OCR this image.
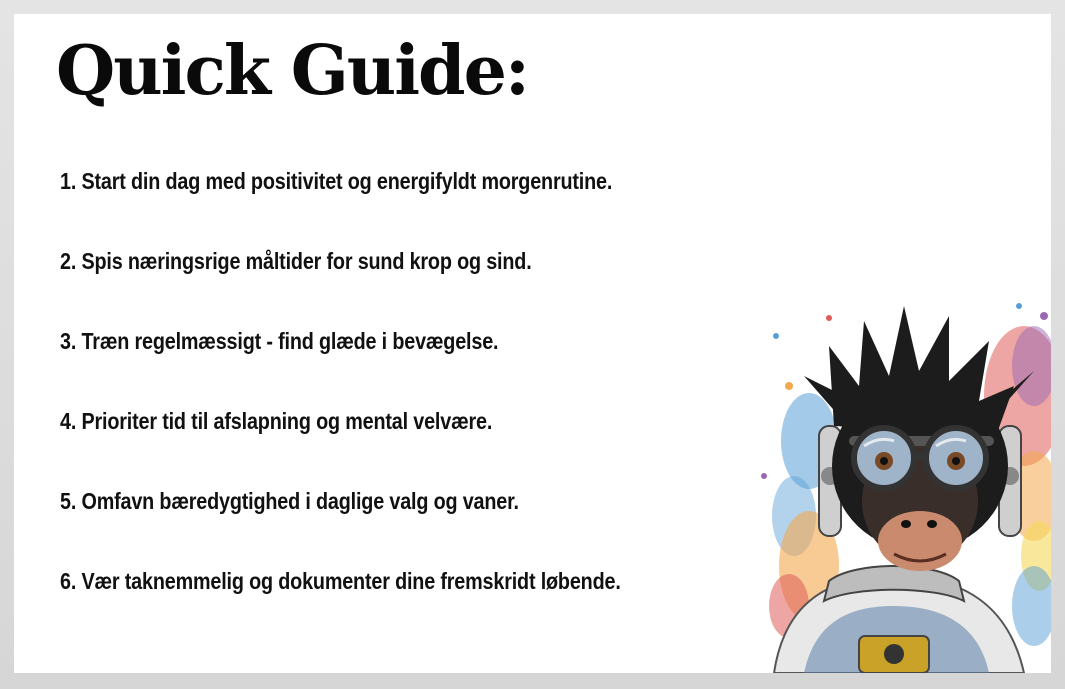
Quick Guide:
1. Start din dag med positivitet og energifyldt morgenrutine.
2. Spis næringsrige måltider for sund krop og sind.
3. Træn regelmæssigt - find glæde i bevægelse.
4. Prioriter tid til afslapning og mental velvære.
5. Omfavn bæredygtighed i daglige valg og vaner.
6. Vær taknemmelig og dokumenter dine fremskridt løbende.
